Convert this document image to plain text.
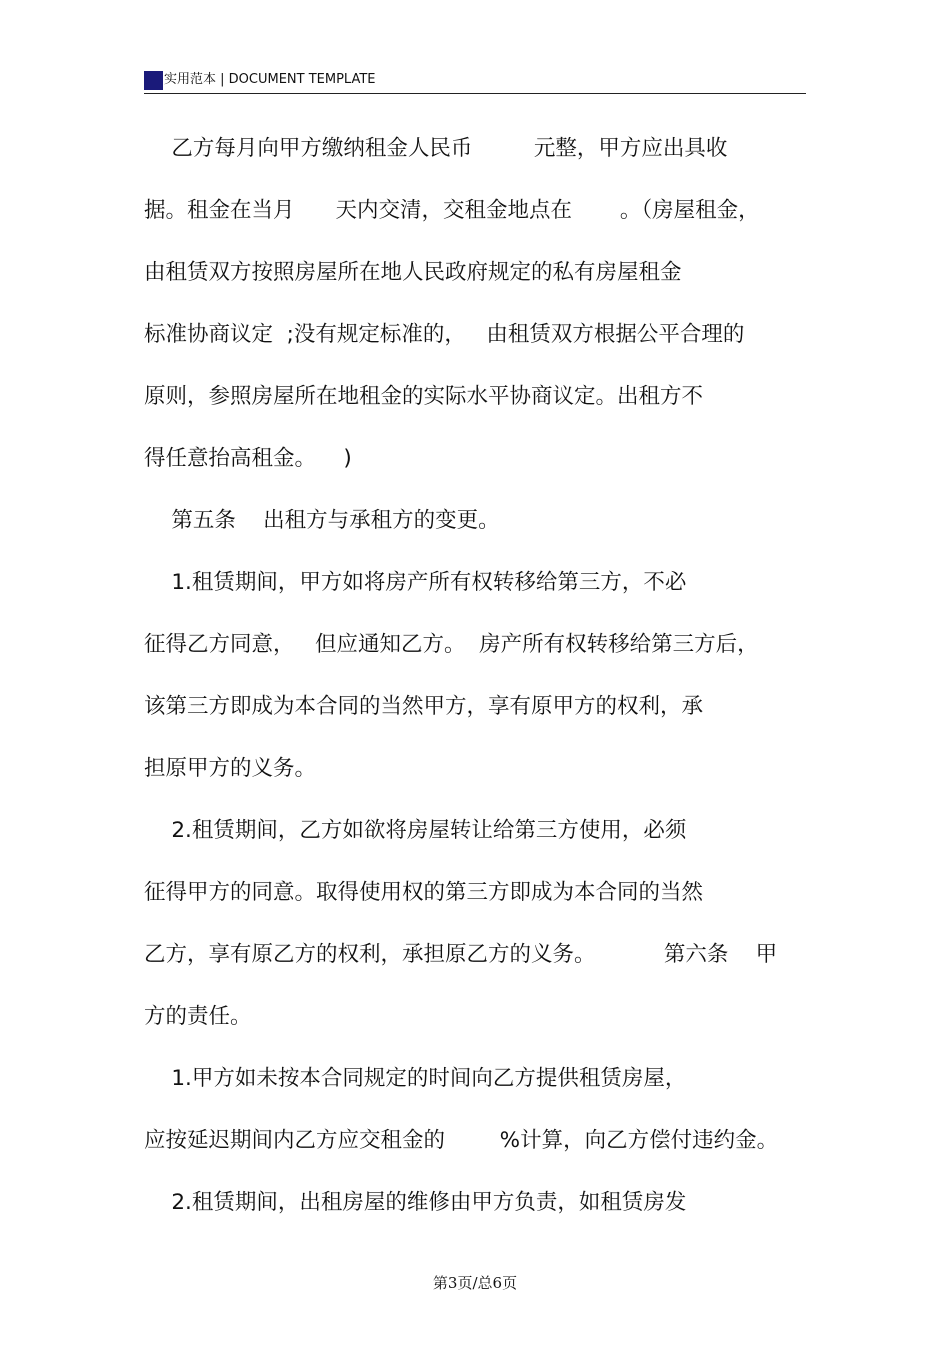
实用范本 | DOCUMENT TEMPLATE
乙方每月向甲方缴纳租金人民币         元整，甲方应出具收
据。租金在当月      天内交清，交租金地点在       。（房屋租金，
由租赁双方按照房屋所在地人民政府规定的私有房屋租金
标准协商议定  ;没有规定标准的，   由租赁双方根据公平合理的
原则，参照房屋所在地租金的实际水平协商议定。出租方不
得任意抬高租金。    )
第五条    出租方与承租方的变更。
1.租赁期间，甲方如将房产所有权转移给第三方，不必
征得乙方同意，   但应通知乙方。  房产所有权转移给第三方后，
该第三方即成为本合同的当然甲方，享有原甲方的权利，承
担原甲方的义务。
2.租赁期间，乙方如欲将房屋转让给第三方使用，必须
征得甲方的同意。取得使用权的第三方即成为本合同的当然
乙方，享有原乙方的权利，承担原乙方的义务。          第六条    甲
方的责任。
1.甲方如未按本合同规定的时间向乙方提供租赁房屋，
应按延迟期间内乙方应交租金的        %计算，向乙方偿付违约金。
2.租赁期间，出租房屋的维修由甲方负责，如租赁房发
第3页/总6页
